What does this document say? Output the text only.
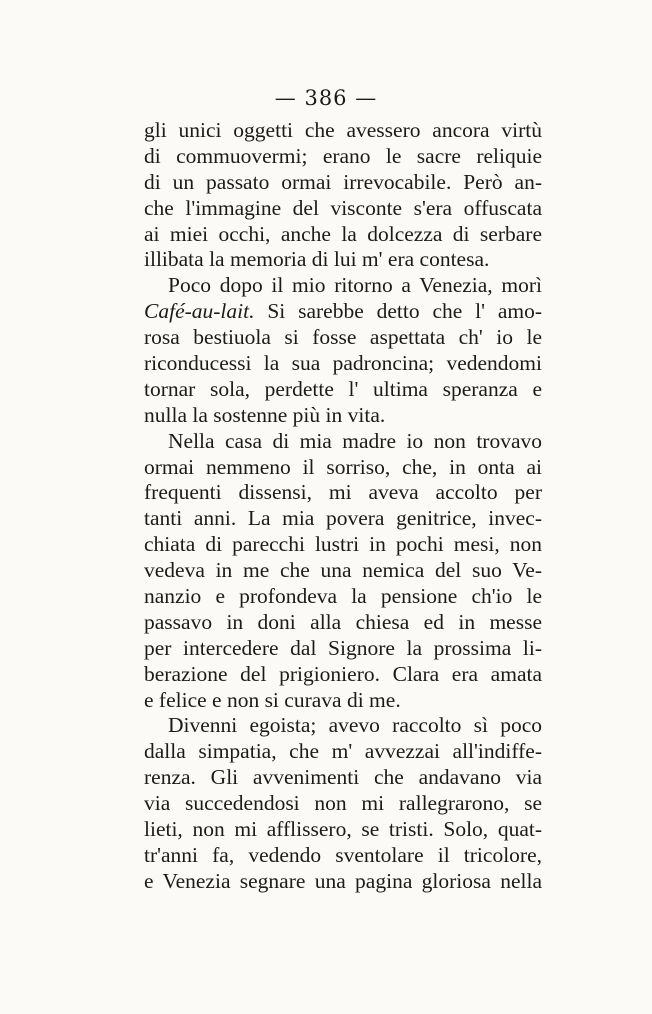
— 386 —
gli unici oggetti che avessero ancora virtù
di commuovermi; erano le sacre reliquie
di un passato ormai irrevocabile. Però an-
che l'immagine del visconte s'era offuscata
ai miei occhi, anche la dolcezza di serbare
illibata la memoria di lui m' era contesa.
Poco dopo il mio ritorno a Venezia, morì
Café-au-lait. Si sarebbe detto che l' amo-
rosa bestiuola si fosse aspettata ch' io le
riconducessi la sua padroncina; vedendomi
tornar sola, perdette l' ultima speranza e
nulla la sostenne più in vita.
Nella casa di mia madre io non trovavo
ormai nemmeno il sorriso, che, in onta ai
frequenti dissensi, mi aveva accolto per
tanti anni. La mia povera genitrice, invec-
chiata di parecchi lustri in pochi mesi, non
vedeva in me che una nemica del suo Ve-
nanzio e profondeva la pensione ch'io le
passavo in doni alla chiesa ed in messe
per intercedere dal Signore la prossima li-
berazione del prigioniero. Clara era amata
e felice e non si curava di me.
Divenni egoista; avevo raccolto sì poco
dalla simpatia, che m' avvezzai all'indiffe-
renza. Gli avvenimenti che andavano via
via succedendosi non mi rallegrarono, se
lieti, non mi afflissero, se tristi. Solo, quat-
tr'anni fa, vedendo sventolare il tricolore,
e Venezia segnare una pagina gloriosa nella
